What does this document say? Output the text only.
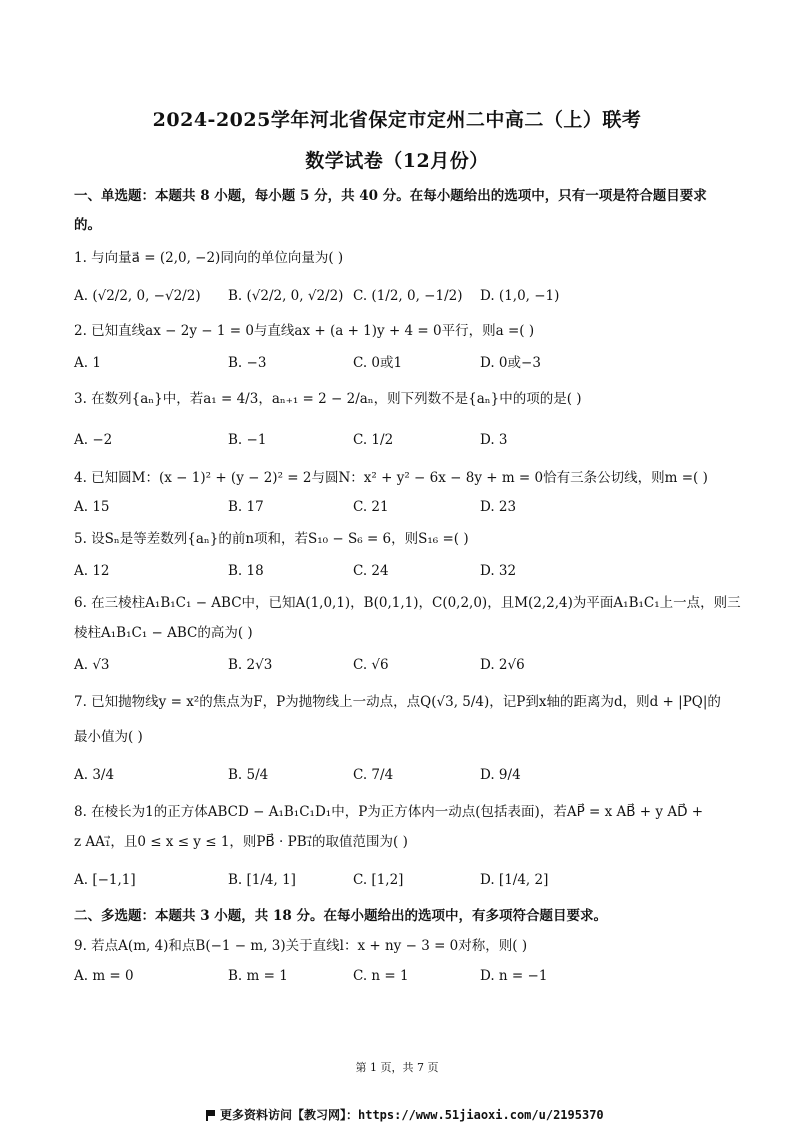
2024-2025学年河北省保定市定州二中高二（上）联考
数学试卷（12月份）
一、单选题：本题共 8 小题，每小题 5 分，共 40 分。在每小题给出的选项中，只有一项是符合题目要求
的。
1. 与向量a⃗ = (2,0, −2)同向的单位向量为( )
A. (√2/2, 0, −√2/2) B. (√2/2, 0, √2/2) C. (1/2, 0, −1/2) D. (1,0, −1)
2. 已知直线ax − 2y − 1 = 0与直线ax + (a + 1)y + 4 = 0平行，则a =( )
A. 1	B. −3	C. 0或1	D. 0或−3
3. 在数列{aₙ}中，若a₁ = 4/3，aₙ₊₁ = 2 − 2/aₙ，则下列数不是{aₙ}中的项的是( )
A. −2	B. −1	C. 1/2	D. 3
4. 已知圆M：(x − 1)² + (y − 2)² = 2与圆N：x² + y² − 6x − 8y + m = 0恰有三条公切线，则m =( )
A. 15	B. 17	C. 21	D. 23
5. 设Sₙ是等差数列{aₙ}的前n项和，若S₁₀ − S₆ = 6，则S₁₆ =( )
A. 12	B. 18	C. 24	D. 32
6. 在三棱柱A₁B₁C₁ − ABC中，已知A(1,0,1)，B(0,1,1)，C(0,2,0)，且M(2,2,4)为平面A₁B₁C₁上一点，则三
棱柱A₁B₁C₁ − ABC的高为( )
A. √3	B. 2√3	C. √6	D. 2√6
7. 已知抛物线y = x²的焦点为F，P为抛物线上一动点，点Q(√3, 5/4)，记P到x轴的距离为d，则d + |PQ|的
最小值为( )
A. 3/4	B. 5/4	C. 7/4	D. 9/4
8. 在棱长为1的正方体ABCD − A₁B₁C₁D₁中，P为正方体内一动点(包括表面)，若AP⃗ = x AB⃗ + y AD⃗ +
z AA₁⃗，且0 ≤ x ≤ y ≤ 1，则PB⃗ · PB₁⃗的取值范围为( )
A. [−1,1]	B. [1/4, 1]	C. [1,2]	D. [1/4, 2]
二、多选题：本题共 3 小题，共 18 分。在每小题给出的选项中，有多项符合题目要求。
9. 若点A(m, 4)和点B(−1 − m, 3)关于直线l：x + ny − 3 = 0对称，则( )
A. m = 0	B. m = 1	C. n = 1	D. n = −1
第 1 页，共 7 页
更多资料访问【教习网】：https://www.51jiaoxi.com/u/2195370
